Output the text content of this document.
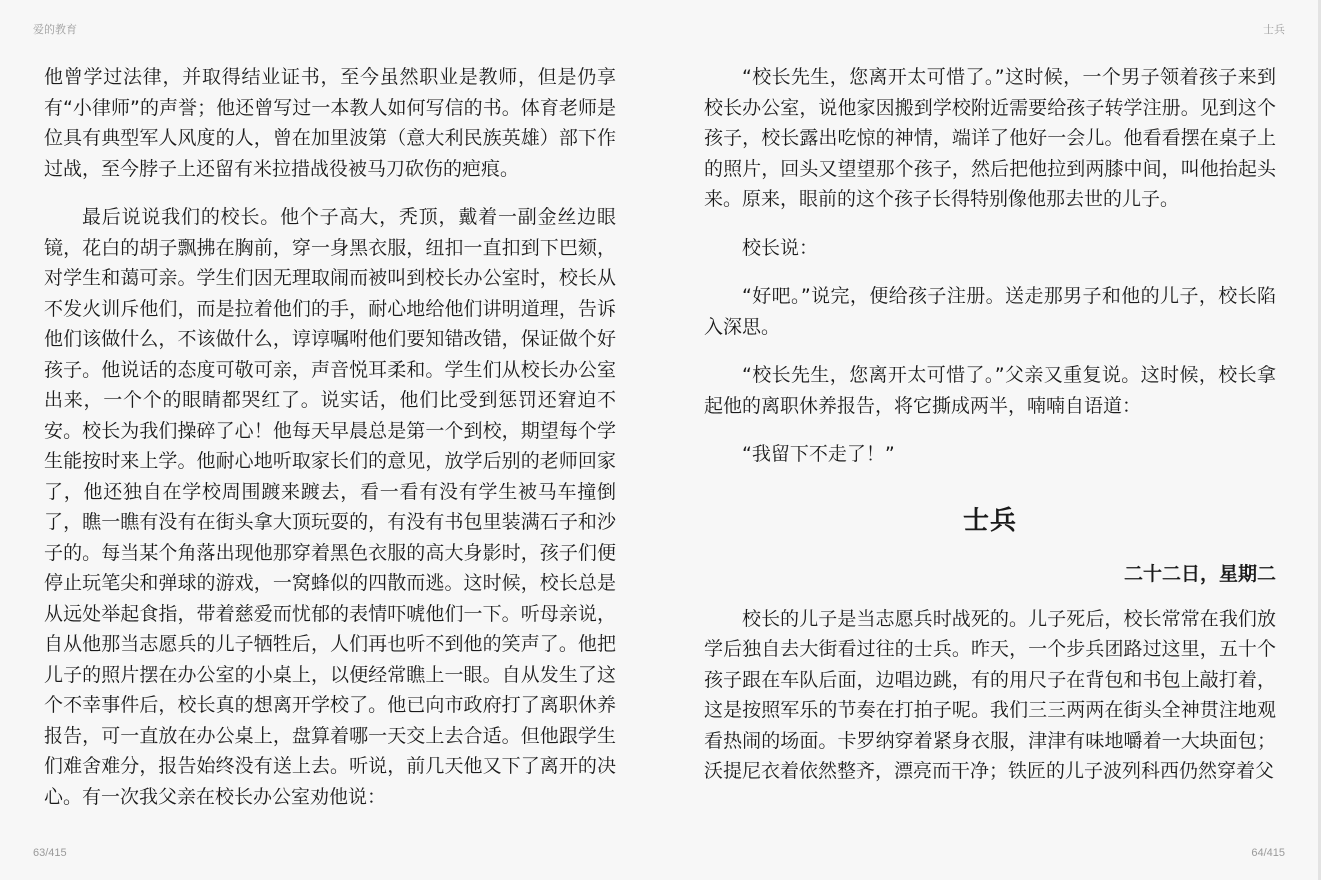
爱的教育	士兵

他曾学过法律，并取得结业证书，至今虽然职业是教师，但是仍享有“小律师”的声誉；他还曾写过一本教人如何写信的书。体育老师是位具有典型军人风度的人，曾在加里波第（意大利民族英雄）部下作过战，至今脖子上还留有米拉措战役被马刀砍伤的疤痕。

最后说说我们的校长。他个子高大，秃顶，戴着一副金丝边眼镜，花白的胡子飘拂在胸前，穿一身黑衣服，纽扣一直扣到下巴颏，对学生和蔼可亲。学生们因无理取闹而被叫到校长办公室时，校长从不发火训斥他们，而是拉着他们的手，耐心地给他们讲明道理，告诉他们该做什么，不该做什么，谆谆嘱咐他们要知错改错，保证做个好孩子。他说话的态度可敬可亲，声音悦耳柔和。学生们从校长办公室出来，一个个的眼睛都哭红了。说实话，他们比受到惩罚还窘迫不安。校长为我们操碎了心！他每天早晨总是第一个到校，期望每个学生能按时来上学。他耐心地听取家长们的意见，放学后别的老师回家了，他还独自在学校周围踱来踱去，看一看有没有学生被马车撞倒了，瞧一瞧有没有在街头拿大顶玩耍的，有没有书包里装满石子和沙子的。每当某个角落出现他那穿着黑色衣服的高大身影时，孩子们便停止玩笔尖和弹球的游戏，一窝蜂似的四散而逃。这时候，校长总是从远处举起食指，带着慈爱而忧郁的表情吓唬他们一下。听母亲说，自从他那当志愿兵的儿子牺牲后，人们再也听不到他的笑声了。他把儿子的照片摆在办公室的小桌上，以便经常瞧上一眼。自从发生了这个不幸事件后，校长真的想离开学校了。他已向市政府打了离职休养报告，可一直放在办公桌上，盘算着哪一天交上去合适。但他跟学生们难舍难分，报告始终没有送上去。听说，前几天他又下了离开的决心。有一次我父亲在校长办公室劝他说：

“校长先生，您离开太可惜了。”这时候，一个男子领着孩子来到校长办公室，说他家因搬到学校附近需要给孩子转学注册。见到这个孩子，校长露出吃惊的神情，端详了他好一会儿。他看看摆在桌子上的照片，回头又望望那个孩子，然后把他拉到两膝中间，叫他抬起头来。原来，眼前的这个孩子长得特别像他那去世的儿子。

校长说：

“好吧。”说完，便给孩子注册。送走那男子和他的儿子，校长陷入深思。

“校长先生，您离开太可惜了。”父亲又重复说。这时候，校长拿起他的离职休养报告，将它撕成两半，喃喃自语道：

“我留下不走了！”

士兵
二十二日，星期二

校长的儿子是当志愿兵时战死的。儿子死后，校长常常在我们放学后独自去大街看过往的士兵。昨天，一个步兵团路过这里，五十个孩子跟在车队后面，边唱边跳，有的用尺子在背包和书包上敲打着，这是按照军乐的节奏在打拍子呢。我们三三两两在街头全神贯注地观看热闹的场面。卡罗纳穿着紧身衣服，津津有味地嚼着一大块面包；沃提尼衣着依然整齐，漂亮而干净；铁匠的儿子波列科西仍然穿着父

63/415	64/415
